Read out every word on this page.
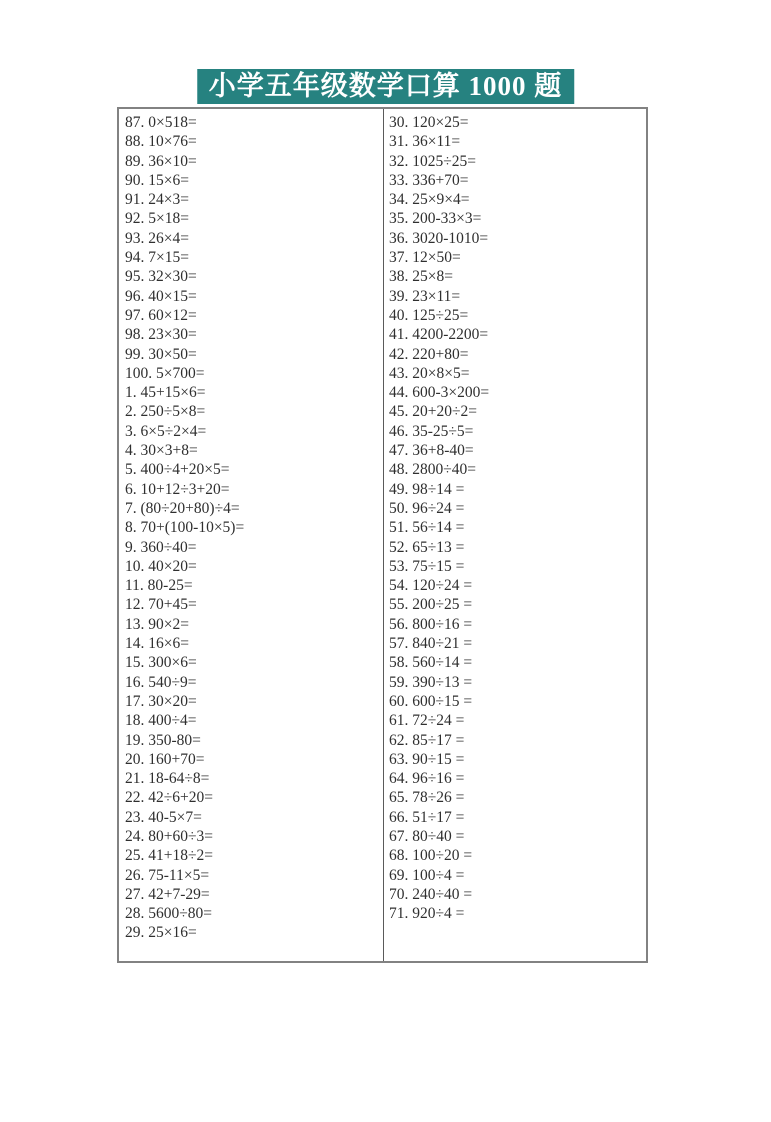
小学五年级数学口算 1000 题
87. 0×518=
88. 10×76=
89. 36×10=
90. 15×6=
91. 24×3=
92. 5×18=
93. 26×4=
94. 7×15=
95. 32×30=
96. 40×15=
97. 60×12=
98. 23×30=
99. 30×50=
100. 5×700=
1. 45+15×6=
2. 250÷5×8=
3. 6×5÷2×4=
4. 30×3+8=
5. 400÷4+20×5=
6. 10+12÷3+20=
7. (80÷20+80)÷4=
8. 70+(100-10×5)=
9. 360÷40=
10. 40×20=
11. 80-25=
12. 70+45=
13. 90×2=
14. 16×6=
15. 300×6=
16. 540÷9=
17. 30×20=
18. 400÷4=
19. 350-80=
20. 160+70=
21. 18-64÷8=
22. 42÷6+20=
23. 40-5×7=
24. 80+60÷3=
25. 41+18÷2=
26. 75-11×5=
27. 42+7-29=
28. 5600÷80=
29. 25×16=
30. 120×25=
31. 36×11=
32. 1025÷25=
33. 336+70=
34. 25×9×4=
35. 200-33×3=
36. 3020-1010=
37. 12×50=
38. 25×8=
39. 23×11=
40. 125÷25=
41. 4200-2200=
42. 220+80=
43. 20×8×5=
44. 600-3×200=
45. 20+20÷2=
46. 35-25÷5=
47. 36+8-40=
48. 2800÷40=
49. 98÷14 =
50. 96÷24 =
51. 56÷14 =
52. 65÷13 =
53. 75÷15 =
54. 120÷24 =
55. 200÷25 =
56. 800÷16 =
57. 840÷21 =
58. 560÷14 =
59. 390÷13 =
60. 600÷15 =
61. 72÷24 =
62. 85÷17 =
63. 90÷15 =
64. 96÷16 =
65. 78÷26 =
66. 51÷17 =
67. 80÷40 =
68. 100÷20 =
69. 100÷4 =
70. 240÷40 =
71. 920÷4 =
